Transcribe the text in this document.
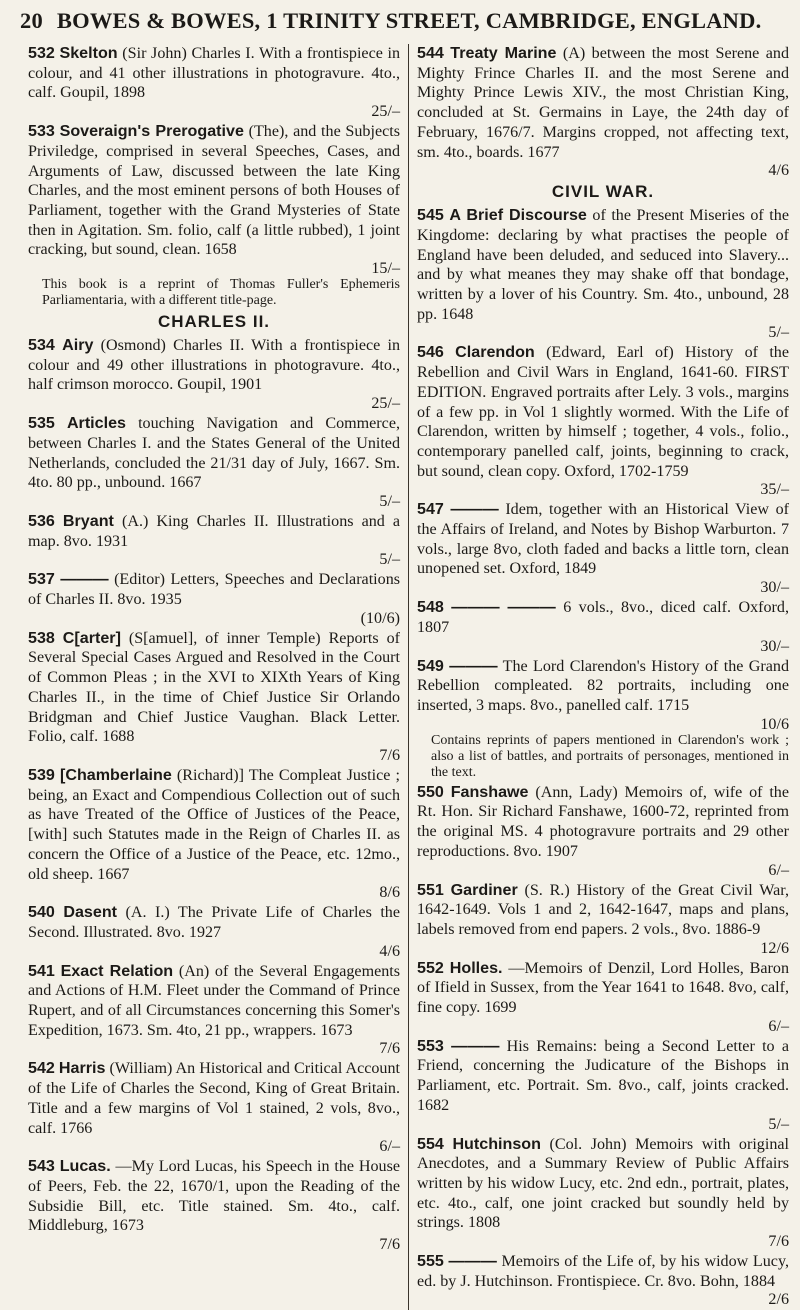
20 BOWES & BOWES, 1 TRINITY STREET, CAMBRIDGE, ENGLAND.
532 Skelton (Sir John) Charles I. With a frontispiece in colour, and 41 other illustrations in photogravure. 4to., calf. Goupil, 1898
25/–
533 Soveraign's Prerogative (The), and the Subjects Priviledge, comprised in several Speeches, Cases, and Arguments of Law, discussed between the late King Charles, and the most eminent persons of both Houses of Parliament, together with the Grand Mysteries of State then in Agitation. Sm. folio, calf (a little rubbed), 1 joint cracking, but sound, clean. 1658
15/–
This book is a reprint of Thomas Fuller's Ephemeris Parliamentaria, with a different title-page.
CHARLES II.
534 Airy (Osmond) Charles II. With a frontispiece in colour and 49 other illustrations in photogravure. 4to., half crimson morocco. Goupil, 1901
25/–
535 Articles touching Navigation and Commerce, between Charles I. and the States General of the United Netherlands, concluded the 21/31 day of July, 1667. Sm. 4to. 80 pp., unbound. 1667
5/–
536 Bryant (A.) King Charles II. Illustrations and a map. 8vo. 1931
5/–
537 ——— (Editor) Letters, Speeches and Declarations of Charles II. 8vo. 1935
(10/6)
538 C[arter] (S[amuel], of inner Temple) Reports of Several Special Cases Argued and Resolved in the Court of Common Pleas ; in the XVI to XIXth Years of King Charles II., in the time of Chief Justice Sir Orlando Bridgman and Chief Justice Vaughan. Black Letter. Folio, calf. 1688
7/6
539 [Chamberlaine (Richard)] The Compleat Justice ; being, an Exact and Compendious Collection out of such as have Treated of the Office of Justices of the Peace, [with] such Statutes made in the Reign of Charles II. as concern the Office of a Justice of the Peace, etc. 12mo., old sheep. 1667
8/6
540 Dasent (A. I.) The Private Life of Charles the Second. Illustrated. 8vo. 1927
4/6
541 Exact Relation (An) of the Several Engagements and Actions of H.M. Fleet under the Command of Prince Rupert, and of all Circumstances concerning this Somer's Expedition, 1673. Sm. 4to, 21 pp., wrappers. 1673
7/6
542 Harris (William) An Historical and Critical Account of the Life of Charles the Second, King of Great Britain. Title and a few margins of Vol 1 stained, 2 vols, 8vo., calf. 1766
6/–
543 Lucas. —My Lord Lucas, his Speech in the House of Peers, Feb. the 22, 1670/1, upon the Reading of the Subsidie Bill, etc. Title stained. Sm. 4to., calf. Middleburg, 1673
7/6
544 Treaty Marine (A) between the most Serene and Mighty Frince Charles II. and the most Serene and Mighty Prince Lewis XIV., the most Christian King, concluded at St. Germains in Laye, the 24th day of February, 1676/7. Margins cropped, not affecting text, sm. 4to., boards. 1677
4/6
CIVIL WAR.
545 A Brief Discourse of the Present Miseries of the Kingdome: declaring by what practises the people of England have been deluded, and seduced into Slavery... and by what meanes they may shake off that bondage, written by a lover of his Country. Sm. 4to., unbound, 28 pp. 1648
5/–
546 Clarendon (Edward, Earl of) History of the Rebellion and Civil Wars in England, 1641-60. FIRST EDITION. Engraved portraits after Lely. 3 vols., margins of a few pp. in Vol 1 slightly wormed. With the Life of Clarendon, written by himself ; together, 4 vols., folio., contemporary panelled calf, joints, beginning to crack, but sound, clean copy. Oxford, 1702-1759
35/–
547 ——— Idem, together with an Historical View of the Affairs of Ireland, and Notes by Bishop Warburton. 7 vols., large 8vo, cloth faded and backs a little torn, clean unopened set. Oxford, 1849
30/–
548 ——— ——— 6 vols., 8vo., diced calf. Oxford, 1807
30/–
549 ——— The Lord Clarendon's History of the Grand Rebellion compleated. 82 portraits, including one inserted, 3 maps. 8vo., panelled calf. 1715
10/6
Contains reprints of papers mentioned in Clarendon's work ; also a list of battles, and portraits of personages, mentioned in the text.
550 Fanshawe (Ann, Lady) Memoirs of, wife of the Rt. Hon. Sir Richard Fanshawe, 1600-72, reprinted from the original MS. 4 photogravure portraits and 29 other reproductions. 8vo. 1907
6/–
551 Gardiner (S. R.) History of the Great Civil War, 1642-1649. Vols 1 and 2, 1642-1647, maps and plans, labels removed from end papers. 2 vols., 8vo. 1886-9
12/6
552 Holles. —Memoirs of Denzil, Lord Holles, Baron of Ifield in Sussex, from the Year 1641 to 1648. 8vo, calf, fine copy. 1699
6/–
553 ——— His Remains: being a Second Letter to a Friend, concerning the Judicature of the Bishops in Parliament, etc. Portrait. Sm. 8vo., calf, joints cracked. 1682
5/–
554 Hutchinson (Col. John) Memoirs with original Anecdotes, and a Summary Review of Public Affairs written by his widow Lucy, etc. 2nd edn., portrait, plates, etc. 4to., calf, one joint cracked but soundly held by strings. 1808
7/6
555 ——— Memoirs of the Life of, by his widow Lucy, ed. by J. Hutchinson. Frontispiece. Cr. 8vo. Bohn, 1884
2/6
